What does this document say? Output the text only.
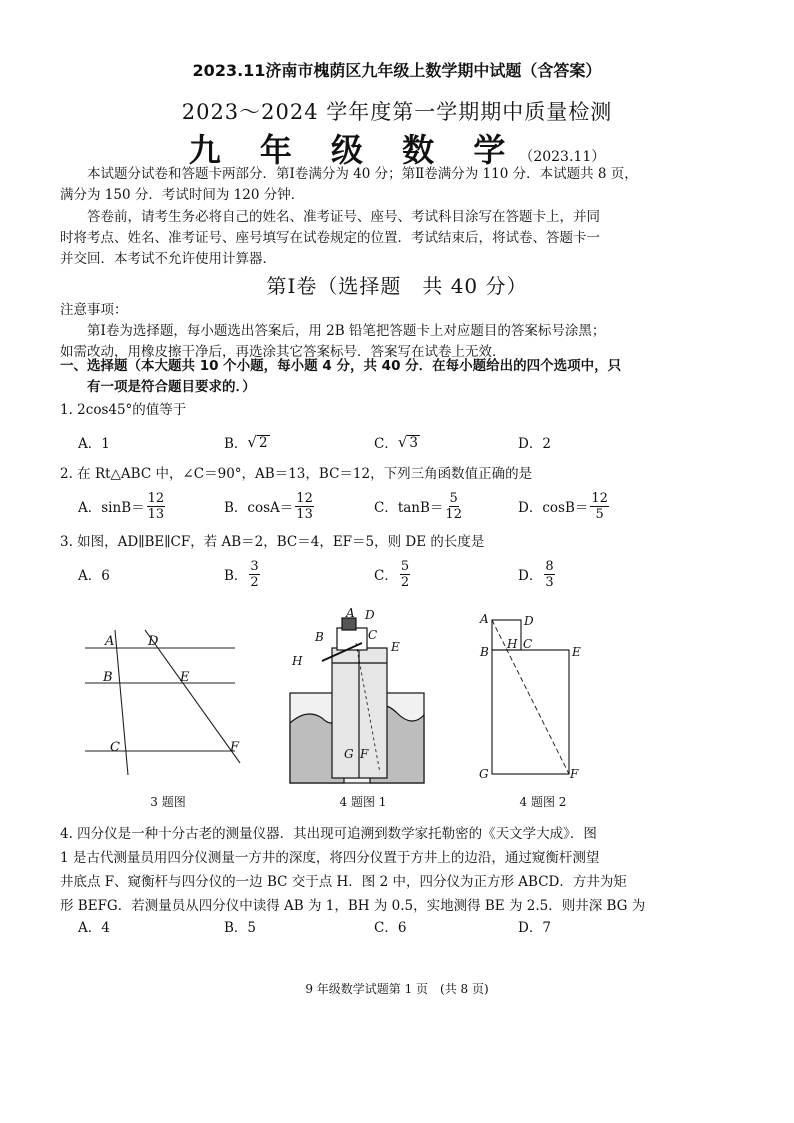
2023.11济南市槐荫区九年级上数学期中试题（含答案）
2023～2024 学年度第一学期期中质量检测
九 年 级 数 学（2023.11）
本试题分试卷和答题卡两部分．第Ⅰ卷满分为 40 分；第Ⅱ卷满分为 110 分．本试题共 8 页，
满分为 150 分．考试时间为 120 分钟．
答卷前，请考生务必将自己的姓名、准考证号、座号、考试科目涂写在答题卡上，并同
时将考点、姓名、准考证号、座号填写在试卷规定的位置．考试结束后，将试卷、答题卡一
并交回．本考试不允许使用计算器．
第Ⅰ卷（选择题　共 40 分）
注意事项：
第Ⅰ卷为选择题，每小题选出答案后，用 2B 铅笔把答题卡上对应题目的答案标号涂黑；
如需改动，用橡皮擦干净后，再选涂其它答案标号．答案写在试卷上无效．
一、选择题（本大题共 10 个小题，每小题 4 分，共 40 分．在每小题给出的四个选项中，只
有一项是符合题目要求的．）
1. 2cos45°的值等于
A．1	B． √ 2	C． √ 3	D．2
2. 在 Rt△ABC 中，∠C＝90°，AB＝13，BC＝12，下列三角函数值正确的是
A．$\sin B= \frac{12}{13}$	B．$\cos A= \frac{12}{13}$	C．$\tan B= \frac{5}{12}$	D．$\cos B= \frac{12}{5}$
3. 如图，AD∥BE∥CF，若 AB＝2，BC＝4，EF＝5，则 DE 的长度是
A．6	B． $\frac{3}{2}$	C． $\frac{5}{2}$	D． $\frac{8}{3}$
A	D
B	E
C	F
3 题图
A D
B	C
E
H
G F
4 题图 1
A	D
B
H C
E
G	F
4 题图 2
4. 四分仪是一种十分古老的测量仪器．其出现可追溯到数学家托勒密的《天文学大成》．图
1 是古代测量员用四分仪测量一方井的深度，将四分仪置于方井上的边沿，通过窥衡杆测望
井底点 F、窥衡杆与四分仪的一边 BC 交于点 H．图 2 中，四分仪为正方形 ABCD．方井为矩
形 BEFG．若测量员从四分仪中读得 AB 为 1，BH 为 0.5，实地测得 BE 为 2.5．则井深 BG 为
A．4	B．5	C．6	D．7
9 年级数学试题第 1 页　(共 8 页)
